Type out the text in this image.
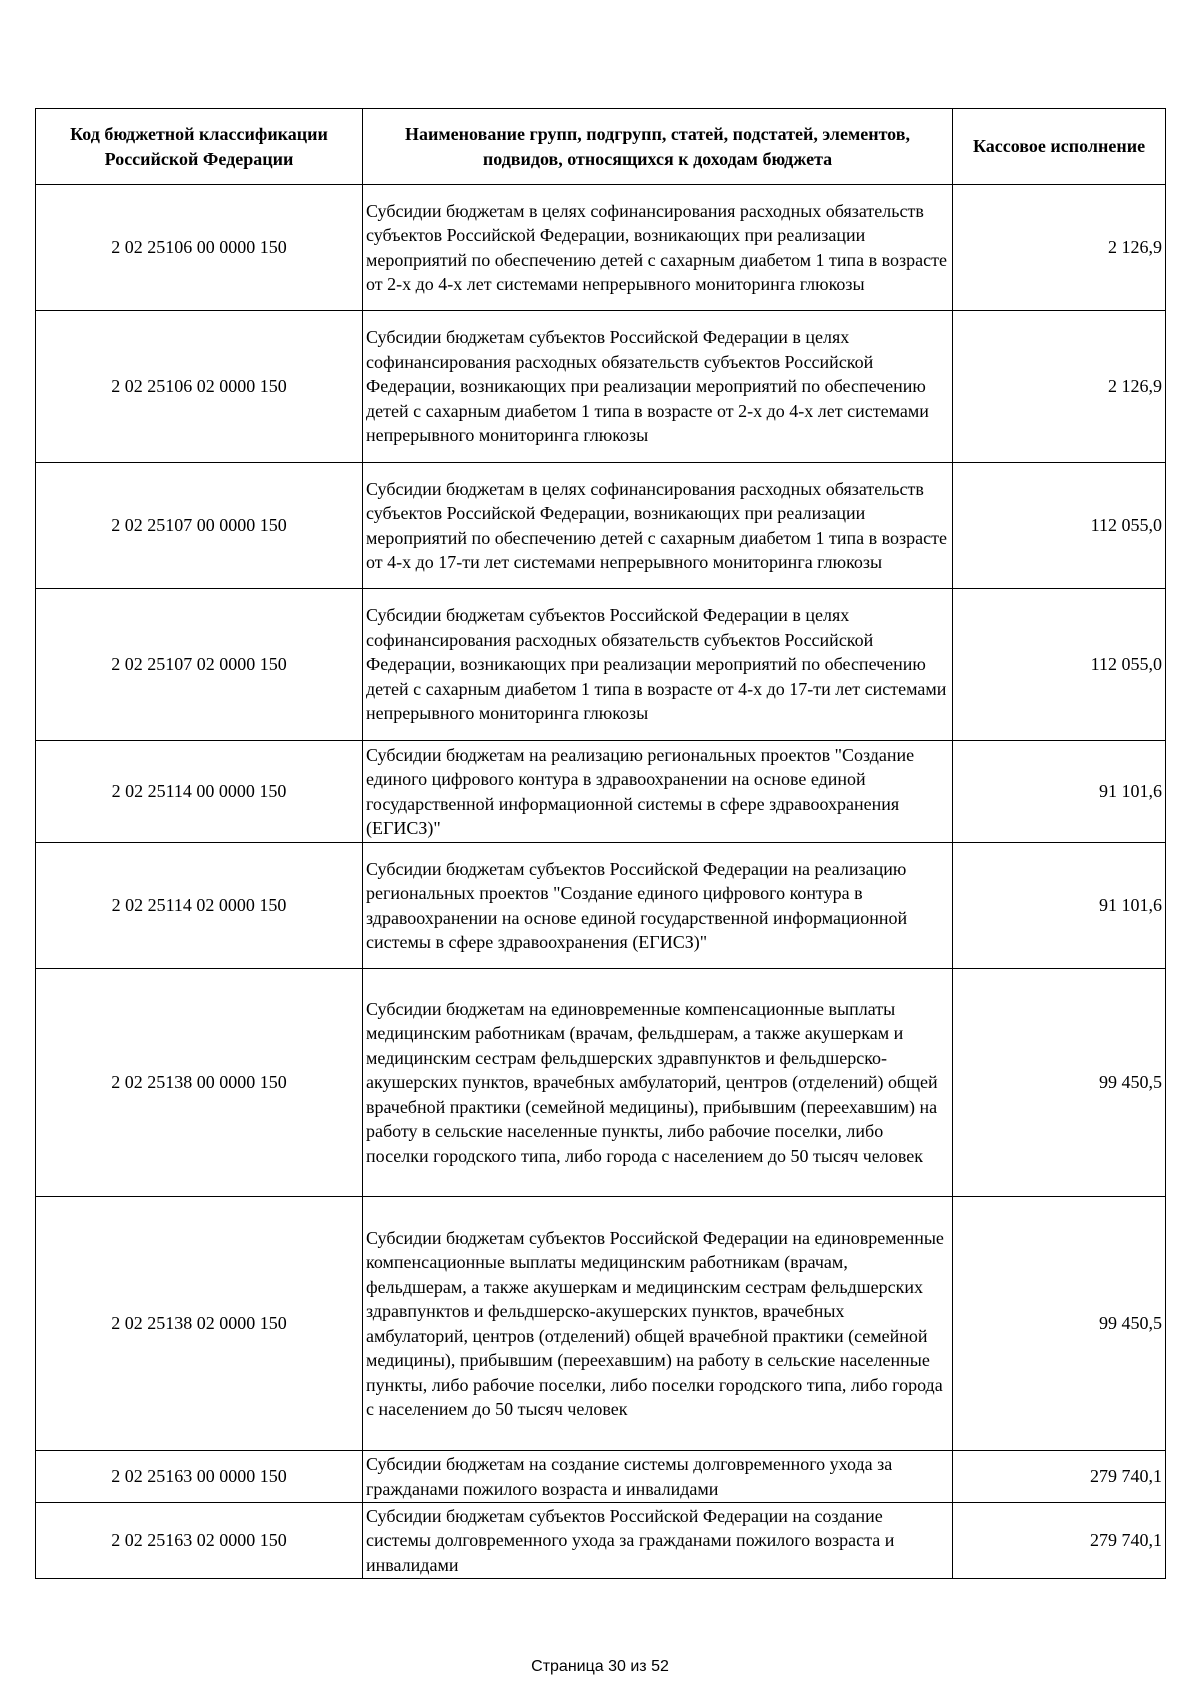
Код бюджетной классификации Российской Федерации	Наименование групп, подгрупп, статей, подстатей, элементов, подвидов, относящихся к доходам бюджета	Кассовое исполнение
2 02 25106 00 0000 150	Субсидии бюджетам в целях софинансирования расходных обязательств субъектов Российской Федерации, возникающих при реализации мероприятий по обеспечению детей с сахарным диабетом 1 типа в возрасте от 2-х до 4-х лет системами непрерывного мониторинга глюкозы	2 126,9
2 02 25106 02 0000 150	Субсидии бюджетам субъектов Российской Федерации в целях софинансирования расходных обязательств субъектов Российской Федерации, возникающих при реализации мероприятий по обеспечению детей с сахарным диабетом 1 типа в возрасте от 2-х до 4-х лет системами непрерывного мониторинга глюкозы	2 126,9
2 02 25107 00 0000 150	Субсидии бюджетам в целях софинансирования расходных обязательств субъектов Российской Федерации, возникающих при реализации мероприятий по обеспечению детей с сахарным диабетом 1 типа в возрасте от 4-х до 17-ти лет системами непрерывного мониторинга глюкозы	112 055,0
2 02 25107 02 0000 150	Субсидии бюджетам субъектов Российской Федерации в целях софинансирования расходных обязательств субъектов Российской Федерации, возникающих при реализации мероприятий по обеспечению детей с сахарным диабетом 1 типа в возрасте от 4-х до 17-ти лет системами непрерывного мониторинга глюкозы	112 055,0
2 02 25114 00 0000 150	Субсидии бюджетам на реализацию региональных проектов "Создание единого цифрового контура в здравоохранении на основе единой государственной информационной системы в сфере здравоохранения (ЕГИСЗ)"	91 101,6
2 02 25114 02 0000 150	Субсидии бюджетам субъектов Российской Федерации на реализацию региональных проектов "Создание единого цифрового контура в здравоохранении на основе единой государственной информационной системы в сфере здравоохранения (ЕГИСЗ)"	91 101,6
2 02 25138 00 0000 150	Субсидии бюджетам на единовременные компенсационные выплаты медицинским работникам (врачам, фельдшерам, а также акушеркам и медицинским сестрам фельдшерских здравпунктов и фельдшерско-акушерских пунктов, врачебных амбулаторий, центров (отделений) общей врачебной практики (семейной медицины), прибывшим (переехавшим) на работу в сельские населенные пункты, либо рабочие поселки, либо поселки городского типа, либо города с населением до 50 тысяч человек	99 450,5
2 02 25138 02 0000 150	Субсидии бюджетам субъектов Российской Федерации на единовременные компенсационные выплаты медицинским работникам (врачам, фельдшерам, а также акушеркам и медицинским сестрам фельдшерских здравпунктов и фельдшерско-акушерских пунктов, врачебных амбулаторий, центров (отделений) общей врачебной практики (семейной медицины), прибывшим (переехавшим) на работу в сельские населенные пункты, либо рабочие поселки, либо поселки городского типа, либо города с населением до 50 тысяч человек	99 450,5
2 02 25163 00 0000 150	Субсидии бюджетам на создание системы долговременного ухода за гражданами пожилого возраста и инвалидами	279 740,1
2 02 25163 02 0000 150	Субсидии бюджетам субъектов Российской Федерации на создание системы долговременного ухода за гражданами пожилого возраста и инвалидами	279 740,1
Страница 30 из 52
